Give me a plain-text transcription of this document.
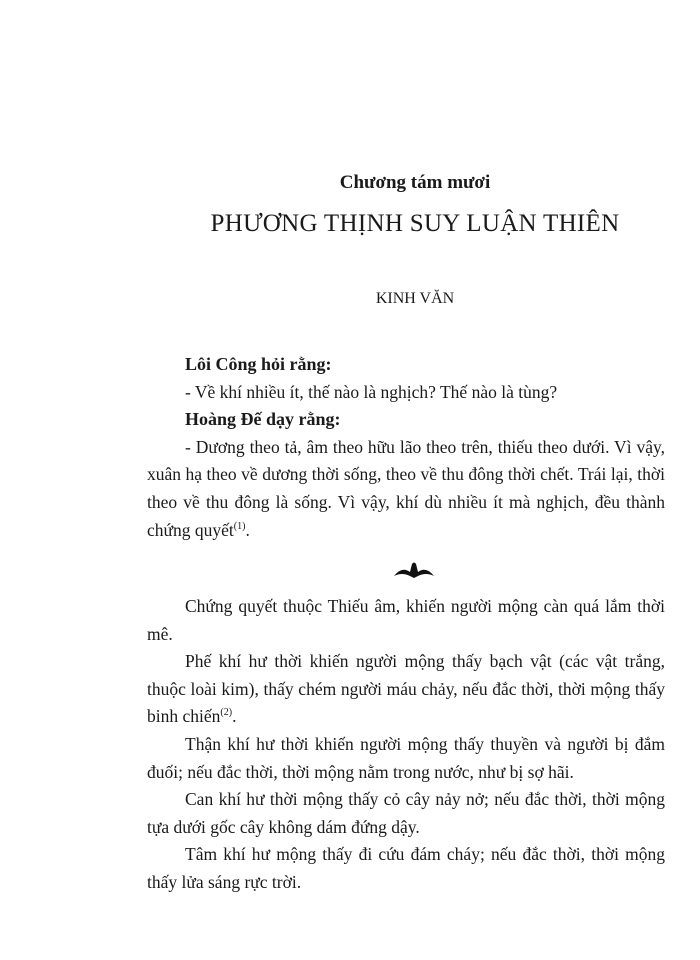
Chương tám mươi
PHƯƠNG THỊNH SUY LUẬN THIÊN
KINH VĂN

Lôi Công hỏi rằng:

- Về khí nhiều ít, thế nào là nghịch? Thế nào là tùng?

Hoàng Đế dạy rằng:

- Dương theo tả, âm theo hữu lão theo trên, thiếu theo dưới. Vì vậy, xuân hạ theo về dương thời sống, theo về thu đông thời chết. Trái lại, thời theo về thu đông là sống. Vì vậy, khí dù nhiều ít mà nghịch, đều thành chứng quyết$^{(1)}$.

Chứng quyết thuộc Thiếu âm, khiến người mộng càn quá lắm thời mê.

Phế khí hư thời khiến người mộng thấy bạch vật (các vật trắng, thuộc loài kim), thấy chém người máu chảy, nếu đắc thời, thời mộng thấy binh chiến$^{(2)}$.

Thận khí hư thời khiến người mộng thấy thuyền và người bị đắm đuối; nếu đắc thời, thời mộng nằm trong nước, như bị sợ hãi.

Can khí hư thời mộng thấy cỏ cây nảy nở; nếu đắc thời, thời mộng tựa dưới gốc cây không dám đứng dậy.

Tâm khí hư mộng thấy đi cứu đám cháy; nếu đắc thời, thời mộng thấy lửa sáng rực trời.
